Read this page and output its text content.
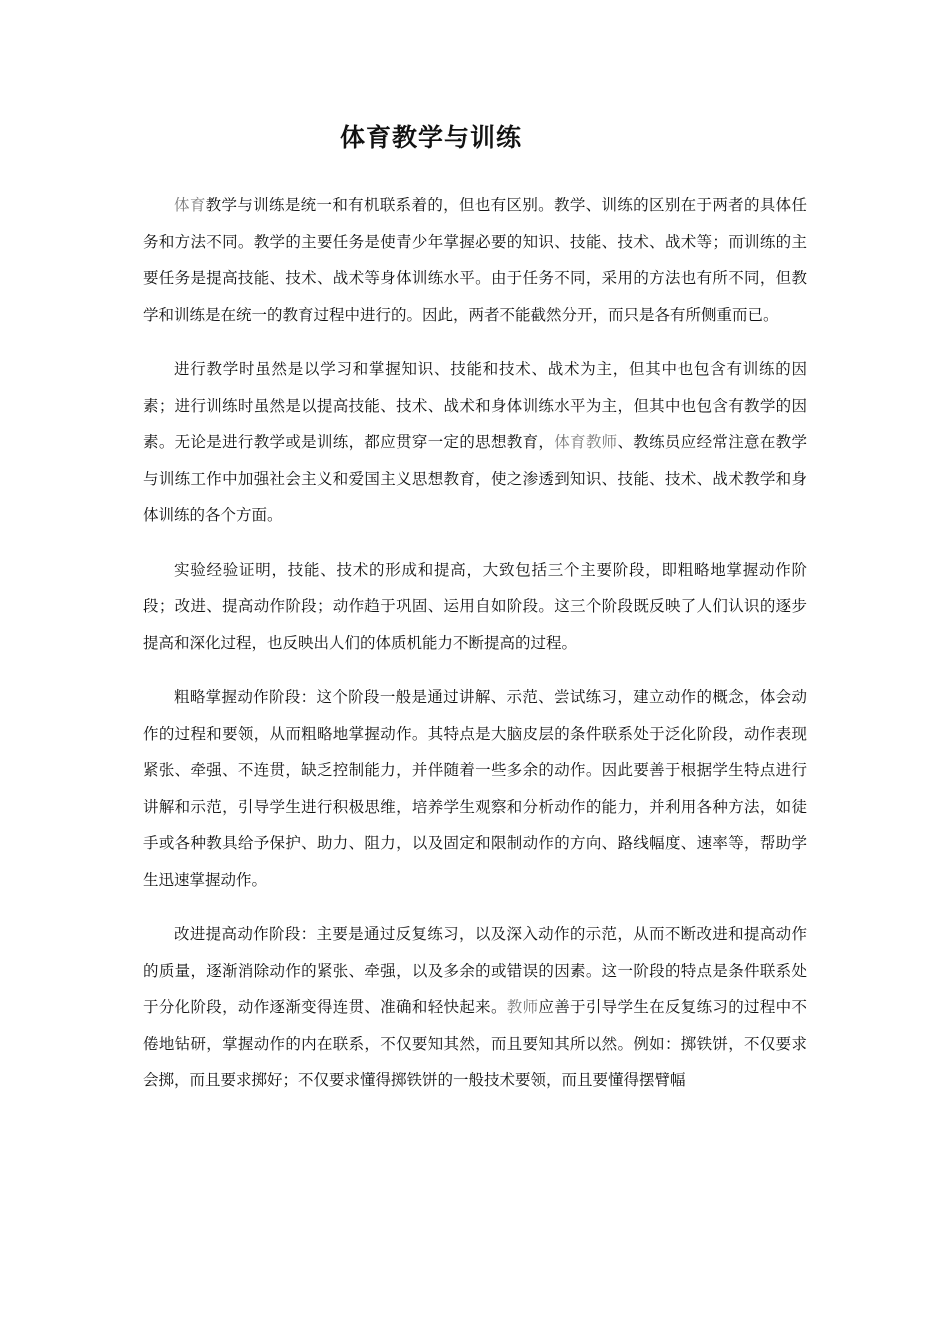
体育教学与训练

体育教学与训练是统一和有机联系着的，但也有区别。教学、训练的区别在于两者的具体任务和方法不同。教学的主要任务是使青少年掌握必要的知识、技能、技术、战术等；而训练的主要任务是提高技能、技术、战术等身体训练水平。由于任务不同，采用的方法也有所不同，但教学和训练是在统一的教育过程中进行的。因此，两者不能截然分开，而只是各有所侧重而已。

进行教学时虽然是以学习和掌握知识、技能和技术、战术为主，但其中也包含有训练的因素；进行训练时虽然是以提高技能、技术、战术和身体训练水平为主，但其中也包含有教学的因素。无论是进行教学或是训练，都应贯穿一定的思想教育，体育教师、教练员应经常注意在教学与训练工作中加强社会主义和爱国主义思想教育，使之渗透到知识、技能、技术、战术教学和身体训练的各个方面。

实验经验证明，技能、技术的形成和提高，大致包括三个主要阶段，即粗略地掌握动作阶段；改进、提高动作阶段；动作趋于巩固、运用自如阶段。这三个阶段既反映了人们认识的逐步提高和深化过程，也反映出人们的体质机能力不断提高的过程。

粗略掌握动作阶段：这个阶段一般是通过讲解、示范、尝试练习，建立动作的概念，体会动作的过程和要领，从而粗略地掌握动作。其特点是大脑皮层的条件联系处于泛化阶段，动作表现紧张、牵强、不连贯，缺乏控制能力，并伴随着一些多余的动作。因此要善于根据学生特点进行讲解和示范，引导学生进行积极思维，培养学生观察和分析动作的能力，并利用各种方法，如徒手或各种教具给予保护、助力、阻力，以及固定和限制动作的方向、路线幅度、速率等，帮助学生迅速掌握动作。

改进提高动作阶段：主要是通过反复练习，以及深入动作的示范，从而不断改进和提高动作的质量，逐渐消除动作的紧张、牵强，以及多余的或错误的因素。这一阶段的特点是条件联系处于分化阶段，动作逐渐变得连贯、准确和轻快起来。教师应善于引导学生在反复练习的过程中不倦地钻研，掌握动作的内在联系，不仅要知其然，而且要知其所以然。例如：掷铁饼，不仅要求会掷，而且要求掷好；不仅要求懂得掷铁饼的一般技术要领，而且要懂得摆臂幅
